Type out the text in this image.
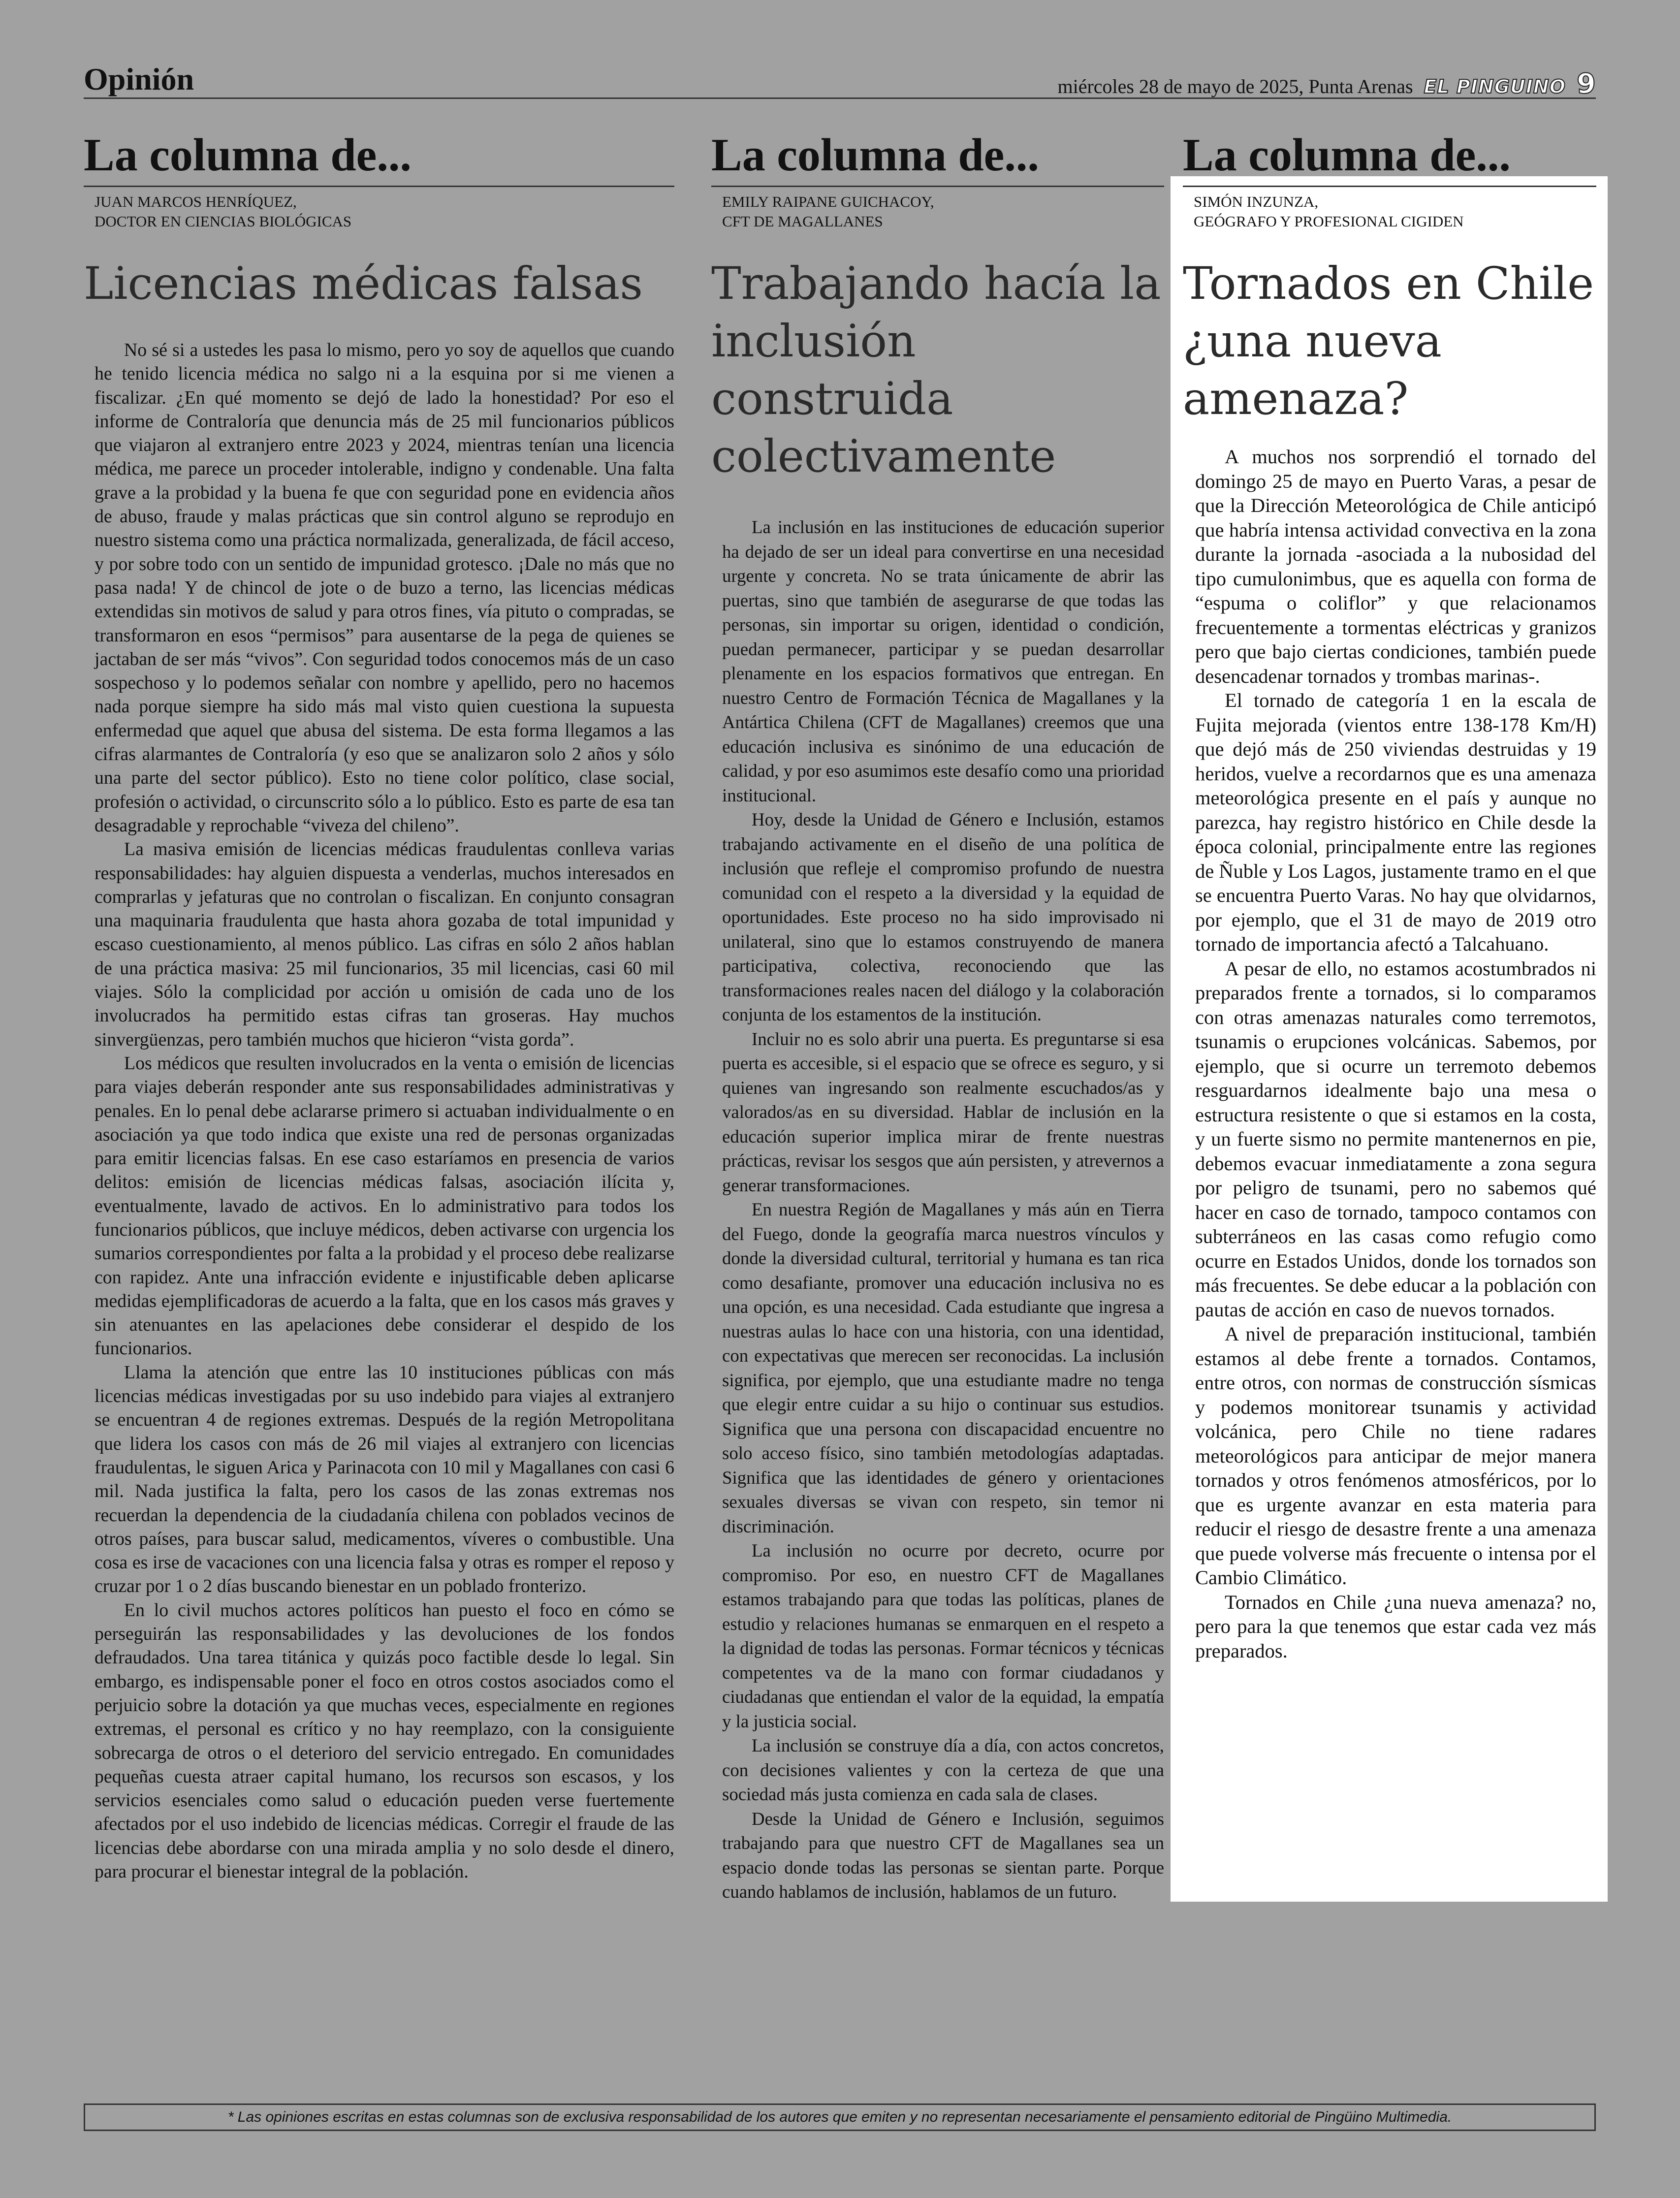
Opinión	miércoles 28 de mayo de 2025, Punta Arenas EL PINGUINO 9
La columna de...
JUAN MARCOS HENRÍQUEZ,
DOCTOR EN CIENCIAS BIOLÓGICAS
Licencias médicas falsas

No sé si a ustedes les pasa lo mismo, pero yo soy de aquellos que cuando he tenido licencia médica no salgo ni a la esquina por si me vienen a fiscalizar. ¿En qué momento se dejó de lado la honestidad? Por eso el informe de Contraloría que denuncia más de 25 mil funcionarios públicos que viajaron al extranjero entre 2023 y 2024, mientras tenían una licencia médica, me parece un proceder intolerable, indigno y condenable. Una falta grave a la probidad y la buena fe que con seguridad pone en evidencia años de abuso, fraude y malas prácticas que sin control alguno se reprodujo en nuestro sistema como una práctica normalizada, generalizada, de fácil acceso, y por sobre todo con un sentido de impunidad grotesco. ¡Dale no más que no pasa nada! Y de chincol de jote o de buzo a terno, las licencias médicas extendidas sin motivos de salud y para otros fines, vía pituto o compradas, se transformaron en esos “permisos” para ausentarse de la pega de quienes se jactaban de ser más “vivos”. Con seguridad todos conocemos más de un caso sospechoso y lo podemos señalar con nombre y apellido, pero no hacemos nada porque siempre ha sido más mal visto quien cuestiona la supuesta enfermedad que aquel que abusa del sistema. De esta forma llegamos a las cifras alarmantes de Contraloría (y eso que se analizaron solo 2 años y sólo una parte del sector público). Esto no tiene color político, clase social, profesión o actividad, o circunscrito sólo a lo público. Esto es parte de esa tan desagradable y reprochable “viveza del chileno”.

La masiva emisión de licencias médicas fraudulentas conlleva varias responsabilidades: hay alguien dispuesta a venderlas, muchos interesados en comprarlas y jefaturas que no controlan o fiscalizan. En conjunto consagran una maquinaria fraudulenta que hasta ahora gozaba de total impunidad y escaso cuestionamiento, al menos público. Las cifras en sólo 2 años hablan de una práctica masiva: 25 mil funcionarios, 35 mil licencias, casi 60 mil viajes. Sólo la complicidad por acción u omisión de cada uno de los involucrados ha permitido estas cifras tan groseras. Hay muchos sinvergüenzas, pero también muchos que hicieron “vista gorda”.

Los médicos que resulten involucrados en la venta o emisión de licencias para viajes deberán responder ante sus responsabilidades administrativas y penales. En lo penal debe aclararse primero si actuaban individualmente o en asociación ya que todo indica que existe una red de personas organizadas para emitir licencias falsas. En ese caso estaríamos en presencia de varios delitos: emisión de licencias médicas falsas, asociación ilícita y, eventualmente, lavado de activos. En lo administrativo para todos los funcionarios públicos, que incluye médicos, deben activarse con urgencia los sumarios correspondientes por falta a la probidad y el proceso debe realizarse con rapidez. Ante una infracción evidente e injustificable deben aplicarse medidas ejemplificadoras de acuerdo a la falta, que en los casos más graves y sin atenuantes en las apelaciones debe considerar el despido de los funcionarios.

Llama la atención que entre las 10 instituciones públicas con más licencias médicas investigadas por su uso indebido para viajes al extranjero se encuentran 4 de regiones extremas. Después de la región Metropolitana que lidera los casos con más de 26 mil viajes al extranjero con licencias fraudulentas, le siguen Arica y Parinacota con 10 mil y Magallanes con casi 6 mil. Nada justifica la falta, pero los casos de las zonas extremas nos recuerdan la dependencia de la ciudadanía chilena con poblados vecinos de otros países, para buscar salud, medicamentos, víveres o combustible. Una cosa es irse de vacaciones con una licencia falsa y otras es romper el reposo y cruzar por 1 o 2 días buscando bienestar en un poblado fronterizo.

En lo civil muchos actores políticos han puesto el foco en cómo se perseguirán las responsabilidades y las devoluciones de los fondos defraudados. Una tarea titánica y quizás poco factible desde lo legal. Sin embargo, es indispensable poner el foco en otros costos asociados como el perjuicio sobre la dotación ya que muchas veces, especialmente en regiones extremas, el personal es crítico y no hay reemplazo, con la consiguiente sobrecarga de otros o el deterioro del servicio entregado. En comunidades pequeñas cuesta atraer capital humano, los recursos son escasos, y los servicios esenciales como salud o educación pueden verse fuertemente afectados por el uso indebido de licencias médicas. Corregir el fraude de las licencias debe abordarse con una mirada amplia y no solo desde el dinero, para procurar el bienestar integral de la población.

La columna de...
EMILY RAIPANE GUICHACOY,
CFT DE MAGALLANES
Trabajando hacía la inclusión construida colectivamente

La inclusión en las instituciones de educación superior ha dejado de ser un ideal para convertirse en una necesidad urgente y concreta. No se trata únicamente de abrir las puertas, sino que también de asegurarse de que todas las personas, sin importar su origen, identidad o condición, puedan permanecer, participar y se puedan desarrollar plenamente en los espacios formativos que entregan. En nuestro Centro de Formación Técnica de Magallanes y la Antártica Chilena (CFT de Magallanes) creemos que una educación inclusiva es sinónimo de una educación de calidad, y por eso asumimos este desafío como una prioridad institucional.

Hoy, desde la Unidad de Género e Inclusión, estamos trabajando activamente en el diseño de una política de inclusión que refleje el compromiso profundo de nuestra comunidad con el respeto a la diversidad y la equidad de oportunidades. Este proceso no ha sido improvisado ni unilateral, sino que lo estamos construyendo de manera participativa, colectiva, reconociendo que las transformaciones reales nacen del diálogo y la colaboración conjunta de los estamentos de la institución.

Incluir no es solo abrir una puerta. Es preguntarse si esa puerta es accesible, si el espacio que se ofrece es seguro, y si quienes van ingresando son realmente escuchados/as y valorados/as en su diversidad. Hablar de inclusión en la educación superior implica mirar de frente nuestras prácticas, revisar los sesgos que aún persisten, y atrevernos a generar transformaciones.

En nuestra Región de Magallanes y más aún en Tierra del Fuego, donde la geografía marca nuestros vínculos y donde la diversidad cultural, territorial y humana es tan rica como desafiante, promover una educación inclusiva no es una opción, es una necesidad. Cada estudiante que ingresa a nuestras aulas lo hace con una historia, con una identidad, con expectativas que merecen ser reconocidas. La inclusión significa, por ejemplo, que una estudiante madre no tenga que elegir entre cuidar a su hijo o continuar sus estudios. Significa que una persona con discapacidad encuentre no solo acceso físico, sino también metodologías adaptadas. Significa que las identidades de género y orientaciones sexuales diversas se vivan con respeto, sin temor ni discriminación.

La inclusión no ocurre por decreto, ocurre por compromiso. Por eso, en nuestro CFT de Magallanes estamos trabajando para que todas las políticas, planes de estudio y relaciones humanas se enmarquen en el respeto a la dignidad de todas las personas. Formar técnicos y técnicas competentes va de la mano con formar ciudadanos y ciudadanas que entiendan el valor de la equidad, la empatía y la justicia social.

La inclusión se construye día a día, con actos concretos, con decisiones valientes y con la certeza de que una sociedad más justa comienza en cada sala de clases.

Desde la Unidad de Género e Inclusión, seguimos trabajando para que nuestro CFT de Magallanes sea un espacio donde todas las personas se sientan parte. Porque cuando hablamos de inclusión, hablamos de un futuro.

La columna de...
SIMÓN INZUNZA,
GEÓGRAFO Y PROFESIONAL CIGIDEN
Tornados en Chile ¿una nueva amenaza?

A muchos nos sorprendió el tornado del domingo 25 de mayo en Puerto Varas, a pesar de que la Dirección Meteorológica de Chile anticipó que habría intensa actividad convectiva en la zona durante la jornada -asociada a la nubosidad del tipo cumulonimbus, que es aquella con forma de “espuma o coliflor” y que relacionamos frecuentemente a tormentas eléctricas y granizos pero que bajo ciertas condiciones, también puede desencadenar tornados y trombas marinas-.

El tornado de categoría 1 en la escala de Fujita mejorada (vientos entre 138-178 Km/H) que dejó más de 250 viviendas destruidas y 19 heridos, vuelve a recordarnos que es una amenaza meteorológica presente en el país y aunque no parezca, hay registro histórico en Chile desde la época colonial, principalmente entre las regiones de Ñuble y Los Lagos, justamente tramo en el que se encuentra Puerto Varas. No hay que olvidarnos, por ejemplo, que el 31 de mayo de 2019 otro tornado de importancia afectó a Talcahuano.

A pesar de ello, no estamos acostumbrados ni preparados frente a tornados, si lo comparamos con otras amenazas naturales como terremotos, tsunamis o erupciones volcánicas. Sabemos, por ejemplo, que si ocurre un terremoto debemos resguardarnos idealmente bajo una mesa o estructura resistente o que si estamos en la costa, y un fuerte sismo no permite mantenernos en pie, debemos evacuar inmediatamente a zona segura por peligro de tsunami, pero no sabemos qué hacer en caso de tornado, tampoco contamos con subterráneos en las casas como refugio como ocurre en Estados Unidos, donde los tornados son más frecuentes. Se debe educar a la población con pautas de acción en caso de nuevos tornados.

A nivel de preparación institucional, también estamos al debe frente a tornados. Contamos, entre otros, con normas de construcción sísmicas y podemos monitorear tsunamis y actividad volcánica, pero Chile no tiene radares meteorológicos para anticipar de mejor manera tornados y otros fenómenos atmosféricos, por lo que es urgente avanzar en esta materia para reducir el riesgo de desastre frente a una amenaza que puede volverse más frecuente o intensa por el Cambio Climático.

Tornados en Chile ¿una nueva amenaza? no, pero para la que tenemos que estar cada vez más preparados.

* Las opiniones escritas en estas columnas son de exclusiva responsabilidad de los autores que emiten y no representan necesariamente el pensamiento editorial de Pingüino Multimedia.
